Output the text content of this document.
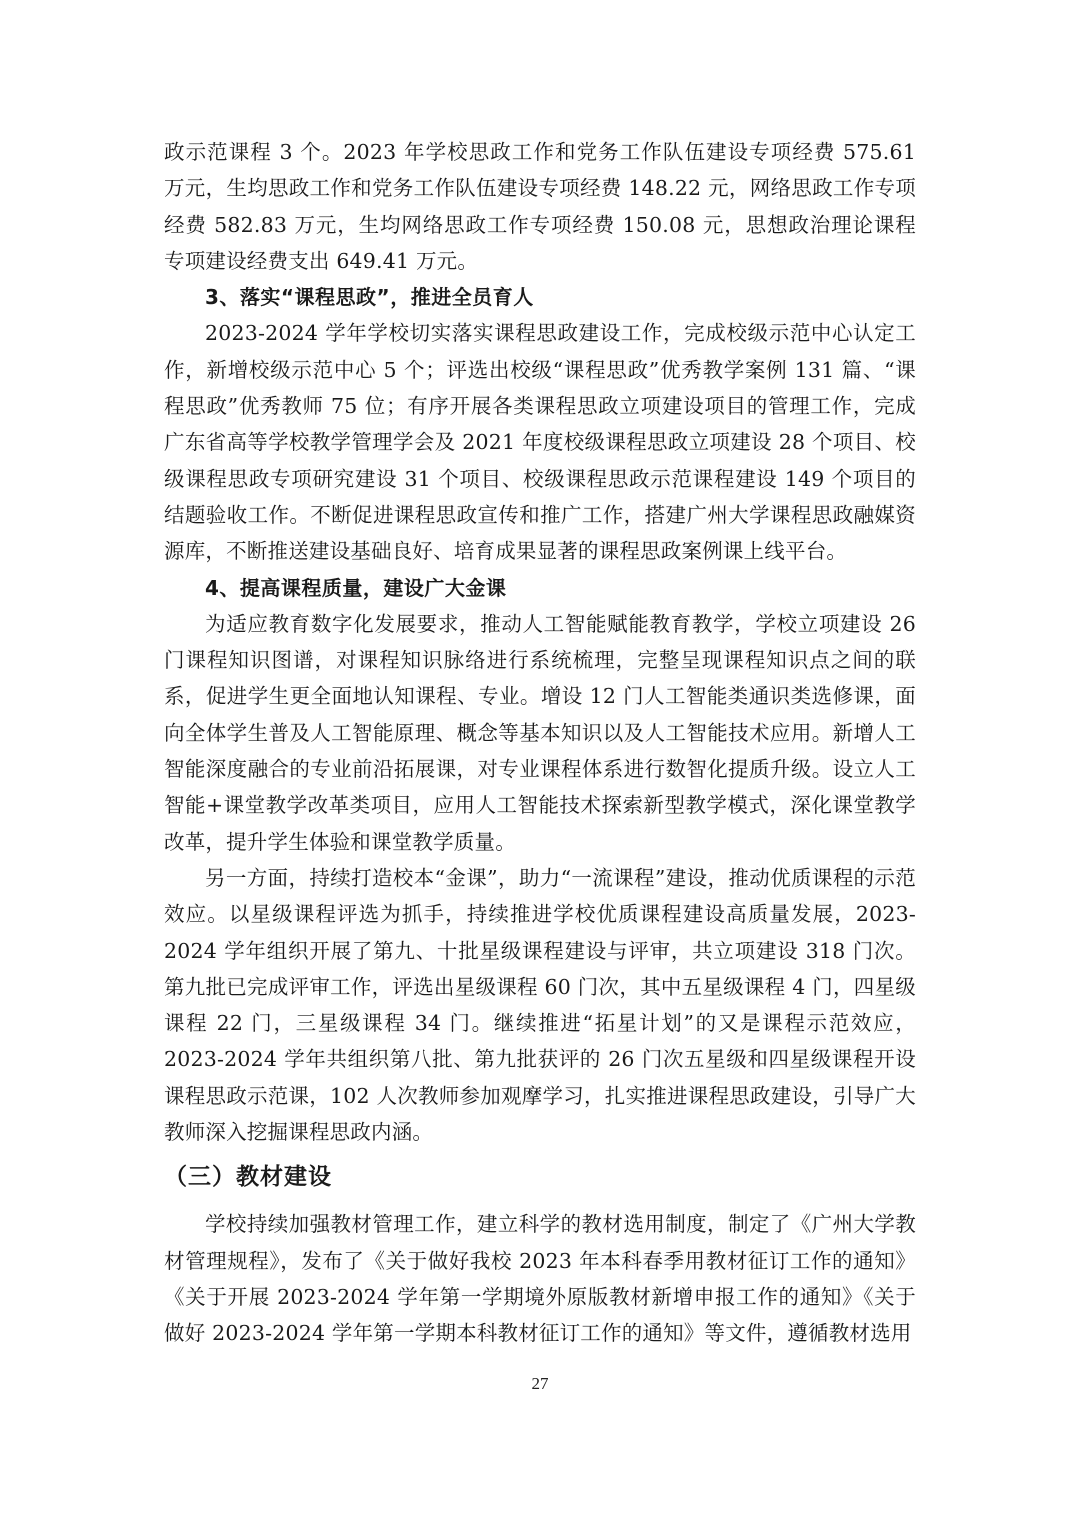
政示范课程 3 个。2023 年学校思政工作和党务工作队伍建设专项经费 575.61 万元，生均思政工作和党务工作队伍建设专项经费 148.22 元，网络思政工作专项经费 582.83 万元，生均网络思政工作专项经费 150.08 元，思想政治理论课程专项建设经费支出 649.41 万元。

3、落实“课程思政”，推进全员育人

2023-2024 学年学校切实落实课程思政建设工作，完成校级示范中心认定工作，新增校级示范中心 5 个；评选出校级“课程思政”优秀教学案例 131 篇、“课程思政”优秀教师 75 位；有序开展各类课程思政立项建设项目的管理工作，完成广东省高等学校教学管理学会及 2021 年度校级课程思政立项建设 28 个项目、校级课程思政专项研究建设 31 个项目、校级课程思政示范课程建设 149 个项目的结题验收工作。不断促进课程思政宣传和推广工作，搭建广州大学课程思政融媒资源库，不断推送建设基础良好、培育成果显著的课程思政案例课上线平台。

4、提高课程质量，建设广大金课

为适应教育数字化发展要求，推动人工智能赋能教育教学，学校立项建设 26 门课程知识图谱，对课程知识脉络进行系统梳理，完整呈现课程知识点之间的联系，促进学生更全面地认知课程、专业。增设 12 门人工智能类通识类选修课，面向全体学生普及人工智能原理、概念等基本知识以及人工智能技术应用。新增人工智能深度融合的专业前沿拓展课，对专业课程体系进行数智化提质升级。设立人工智能+课堂教学改革类项目，应用人工智能技术探索新型教学模式，深化课堂教学改革，提升学生体验和课堂教学质量。

另一方面，持续打造校本“金课”，助力“一流课程”建设，推动优质课程的示范效应。以星级课程评选为抓手，持续推进学校优质课程建设高质量发展，2023-2024 学年组织开展了第九、十批星级课程建设与评审，共立项建设 318 门次。第九批已完成评审工作，评选出星级课程 60 门次，其中五星级课程 4 门，四星级课程 22 门，三星级课程 34 门。继续推进“拓星计划”的又是课程示范效应，2023-2024 学年共组织第八批、第九批获评的 26 门次五星级和四星级课程开设课程思政示范课，102 人次教师参加观摩学习，扎实推进课程思政建设，引导广大教师深入挖掘课程思政内涵。

（三）教材建设

学校持续加强教材管理工作，建立科学的教材选用制度，制定了《广州大学教材管理规程》，发布了《关于做好我校 2023 年本科春季用教材征订工作的通知》《关于开展 2023-2024 学年第一学期境外原版教材新增申报工作的通知》《关于做好 2023-2024 学年第一学期本科教材征订工作的通知》等文件，遵循教材选用

27
